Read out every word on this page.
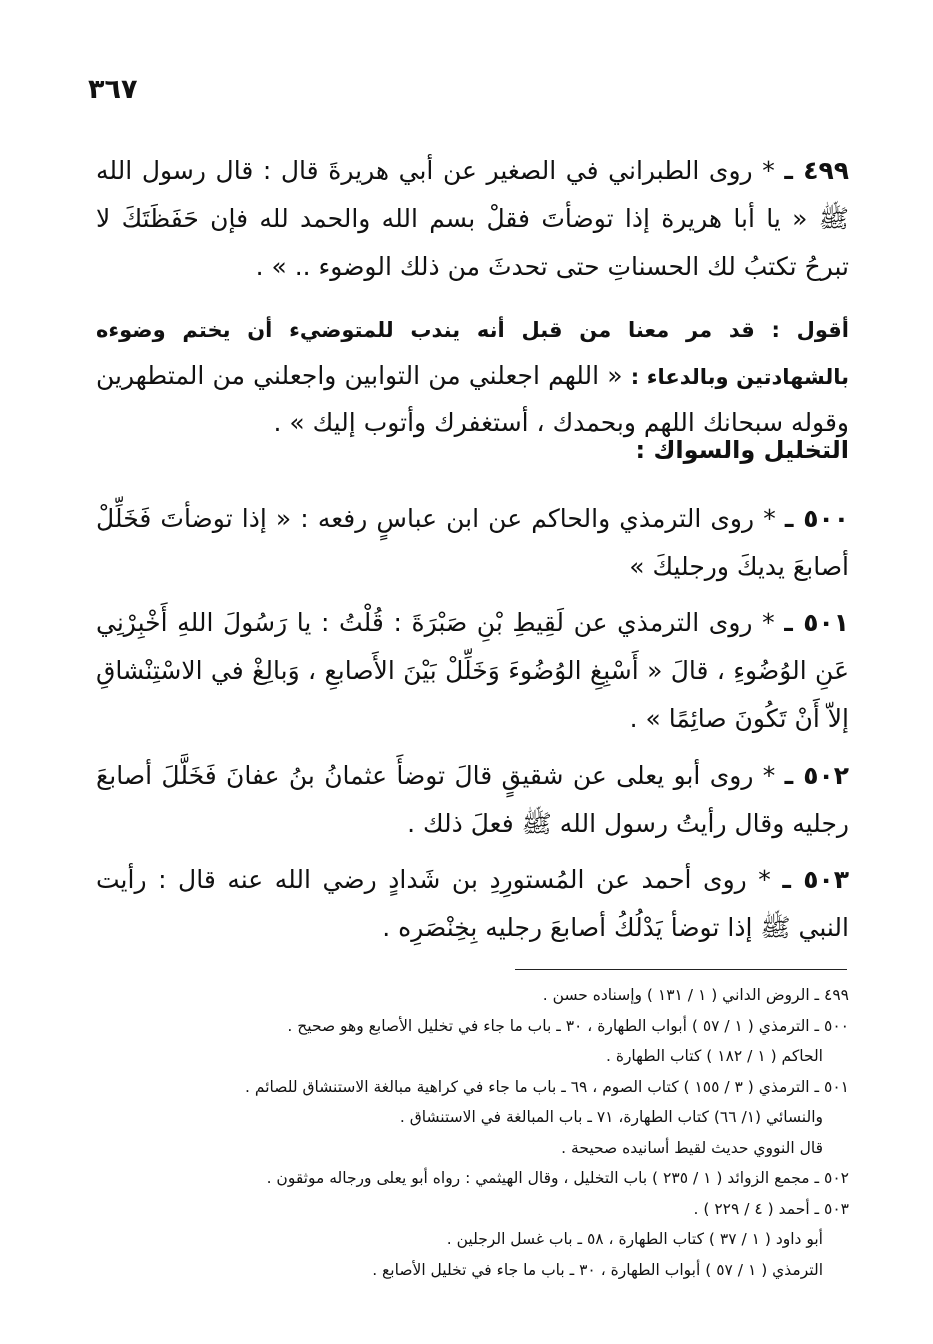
٣٦٧

٤٩٩ ـ * روى الطبراني في الصغير عن أبي هريرةَ قال : قال رسول الله ﷺ « يا أبا هريرة إذا توضأتَ فقلْ بسم الله والحمد لله فإن حَفَظَتَكَ لا تبرحُ تكتبُ لك الحسناتِ حتى تحدثَ من ذلك الوضوء .. » .

أقول : قد مر معنا من قبل أنه يندب للمتوضيء أن يختم وضوءه بالشهادتين وبالدعاء : « اللهم اجعلني من التوابين واجعلني من المتطهرين وقوله سبحانك اللهم وبحمدك ، أستغفرك وأتوب إليك » .

التخليل والسواك :

٥٠٠ ـ * روى الترمذي والحاكم عن ابن عباسٍ رفعه : « إذا توضأتَ فَخَلِّلْ أصابعَ يديكَ ورجليكَ »

٥٠١ ـ * روى الترمذي عن لَقِيطِ بْنِ صَبْرَةَ : قُلْتُ : يا رَسُولَ اللهِ أَخْبِرْنِي عَنِ الوُضُوءِ ، قالَ « أَسْبِغِ الوُضُوءَ وَخَلِّلْ بَيْنَ الأَصابعِ ، وَبالِغْ في الاسْتِنْشاقِ إلاّ أَنْ تَكُونَ صائِمًا » .

٥٠٢ ـ * روى أبو يعلى عن شقيقٍ قالَ توضأَ عثمانُ بنُ عفانَ فَخَلَّلَ أصابعَ رجليه وقال رأيتُ رسول الله ﷺ فعلَ ذلك .

٥٠٣ ـ * روى أحمد عن المُستورِدِ بن شَدادٍ رضي الله عنه قال : رأيت النبي ﷺ إذا توضأ يَدْلُكُ أصابعَ رجليه بِخِنْصَرِه .

٤٩٩ ـ الروض الداني ( ١ / ١٣١ ) وإسناده حسن .
٥٠٠ ـ الترمذي ( ١ / ٥٧ ) أبواب الطهارة ، ٣٠ ـ باب ما جاء في تخليل الأصابع وهو صحيح .
الحاكم ( ١ / ١٨٢ ) كتاب الطهارة .
٥٠١ ـ الترمذي ( ٣ / ١٥٥ ) كتاب الصوم ، ٦٩ ـ باب ما جاء في كراهية مبالغة الاستنشاق للصائم .
والنسائي (١/ ٦٦) كتاب الطهارة، ٧١ ـ باب المبالغة في الاستنشاق .
قال النووي حديث لقيط أسانيده صحيحة .
٥٠٢ ـ مجمع الزوائد ( ١ / ٢٣٥ ) باب التخليل ، وقال الهيثمي : رواه أبو يعلى ورجاله موثقون .
٥٠٣ ـ أحمد ( ٤ / ٢٢٩ ) .
أبو داود ( ١ / ٣٧ ) كتاب الطهارة ، ٥٨ ـ باب غسل الرجلين .
الترمذي ( ١ / ٥٧ ) أبواب الطهارة ، ٣٠ ـ باب ما جاء في تخليل الأصابع .
